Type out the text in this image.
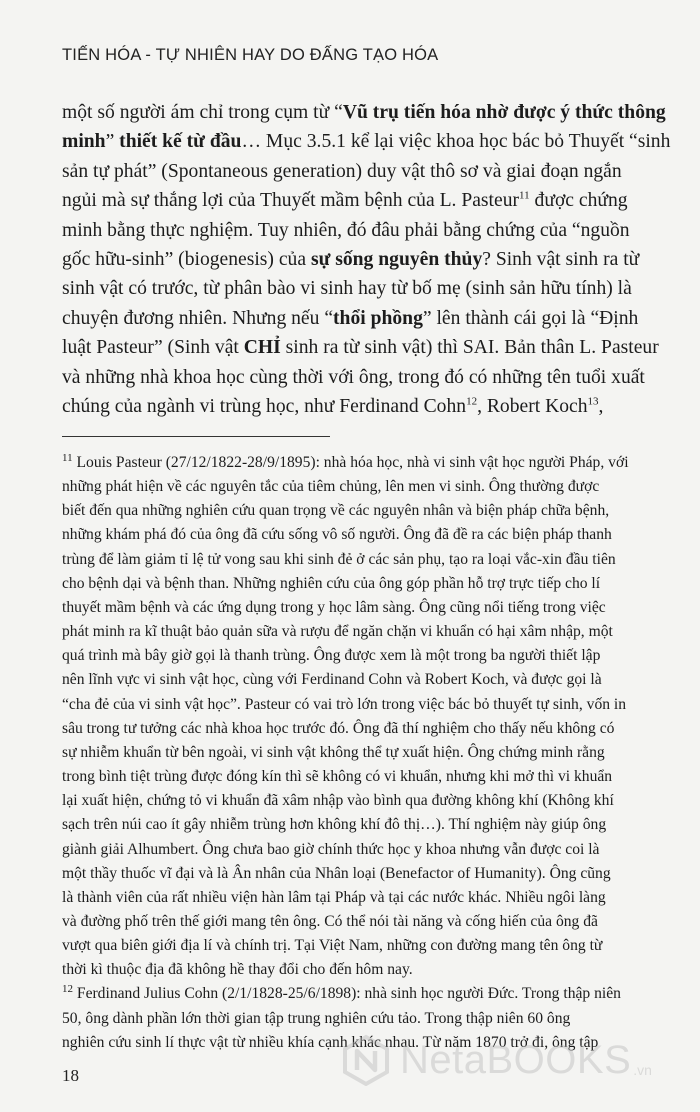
TIẾN HÓA - TỰ NHIÊN HAY DO ĐẤNG TẠO HÓA
một số người ám chỉ trong cụm từ “Vũ trụ tiến hóa nhờ được ý thức thông
minh” thiết kế từ đầu… Mục 3.5.1 kể lại việc khoa học bác bỏ Thuyết “sinh
sản tự phát” (Spontaneous generation) duy vật thô sơ và giai đoạn ngắn
ngủi mà sự thắng lợi của Thuyết mầm bệnh của L. Pasteur$^{11}$ được chứng
minh bằng thực nghiệm. Tuy nhiên, đó đâu phải bằng chứng của “nguồn
gốc hữu-sinh” (biogenesis) của sự sống nguyên thủy? Sinh vật sinh ra từ
sinh vật có trước, từ phân bào vi sinh hay từ bố mẹ (sinh sản hữu tính) là
chuyện đương nhiên. Nhưng nếu “thổi phồng” lên thành cái gọi là “Định
luật Pasteur” (Sinh vật CHỈ sinh ra từ sinh vật) thì SAI. Bản thân L. Pasteur
và những nhà khoa học cùng thời với ông, trong đó có những tên tuổi xuất
chúng của ngành vi trùng học, như Ferdinand Cohn$^{12}$, Robert Koch$^{13}$,
$^{11}$ Louis Pasteur (27/12/1822-28/9/1895): nhà hóa học, nhà vi sinh vật học người Pháp, với
những phát hiện về các nguyên tắc của tiêm chủng, lên men vi sinh. Ông thường được
biết đến qua những nghiên cứu quan trọng về các nguyên nhân và biện pháp chữa bệnh,
những khám phá đó của ông đã cứu sống vô số người. Ông đã đề ra các biện pháp thanh
trùng để làm giảm tỉ lệ tử vong sau khi sinh đẻ ở các sản phụ, tạo ra loại vắc-xin đầu tiên
cho bệnh dại và bệnh than. Những nghiên cứu của ông góp phần hỗ trợ trực tiếp cho lí
thuyết mầm bệnh và các ứng dụng trong y học lâm sàng. Ông cũng nổi tiếng trong việc
phát minh ra kĩ thuật bảo quản sữa và rượu để ngăn chặn vi khuẩn có hại xâm nhập, một
quá trình mà bây giờ gọi là thanh trùng. Ông được xem là một trong ba người thiết lập
nên lĩnh vực vi sinh vật học, cùng với Ferdinand Cohn và Robert Koch, và được gọi là
“cha đẻ của vi sinh vật học”. Pasteur có vai trò lớn trong việc bác bỏ thuyết tự sinh, vốn in
sâu trong tư tưởng các nhà khoa học trước đó. Ông đã thí nghiệm cho thấy nếu không có
sự nhiễm khuẩn từ bên ngoài, vi sinh vật không thể tự xuất hiện. Ông chứng minh rằng
trong bình tiệt trùng được đóng kín thì sẽ không có vi khuẩn, nhưng khi mở thì vi khuẩn
lại xuất hiện, chứng tỏ vi khuẩn đã xâm nhập vào bình qua đường không khí (Không khí
sạch trên núi cao ít gây nhiễm trùng hơn không khí đô thị…). Thí nghiệm này giúp ông
giành giải Alhumbert. Ông chưa bao giờ chính thức học y khoa nhưng vẫn được coi là
một thầy thuốc vĩ đại và là Ân nhân của Nhân loại (Benefactor of Humanity). Ông cũng
là thành viên của rất nhiều viện hàn lâm tại Pháp và tại các nước khác. Nhiều ngôi làng
và đường phố trên thế giới mang tên ông. Có thể nói tài năng và cống hiến của ông đã
vượt qua biên giới địa lí và chính trị. Tại Việt Nam, những con đường mang tên ông từ
thời kì thuộc địa đã không hề thay đổi cho đến hôm nay.
$^{12}$ Ferdinand Julius Cohn (2/1/1828-25/6/1898): nhà sinh học người Đức. Trong thập niên
50, ông dành phần lớn thời gian tập trung nghiên cứu tảo. Trong thập niên 60 ông
nghiên cứu sinh lí thực vật từ nhiều khía cạnh khác nhau. Từ năm 1870 trở đi, ông tập
18	NetaBOOKS .vn
